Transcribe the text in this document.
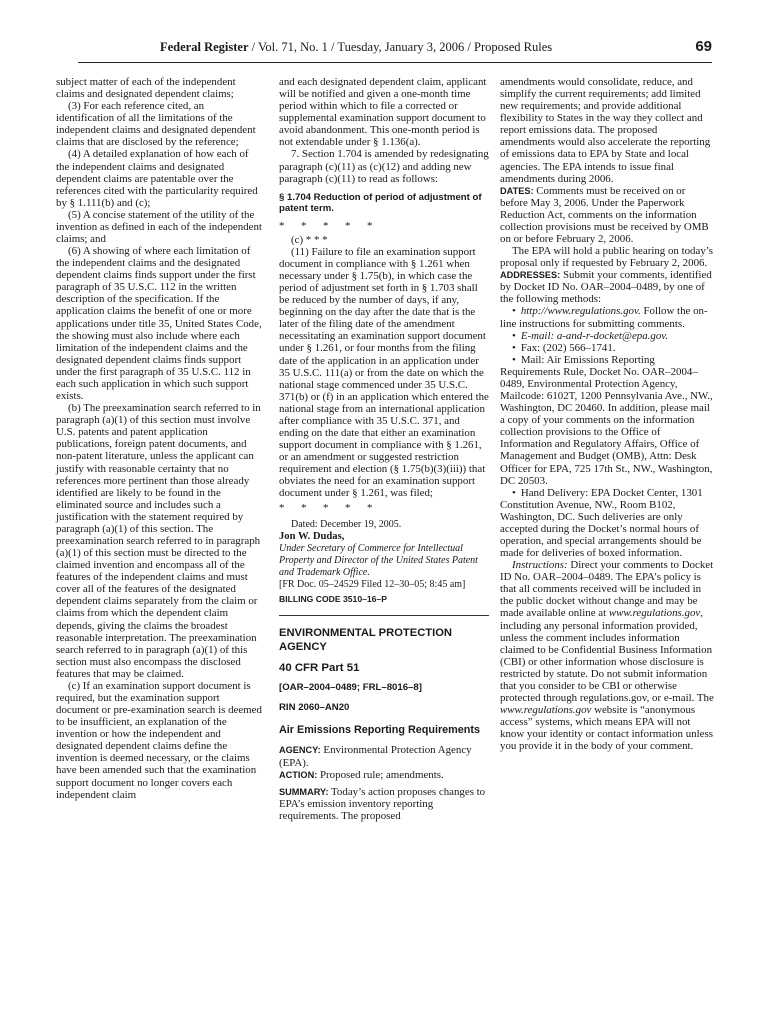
Federal Register / Vol. 71, No. 1 / Tuesday, January 3, 2006 / Proposed Rules	69

subject matter of each of the independent claims and designated dependent claims;

(3) For each reference cited, an identification of all the limitations of the independent claims and designated dependent claims that are disclosed by the reference;

(4) A detailed explanation of how each of the independent claims and designated dependent claims are patentable over the references cited with the particularity required by § 1.111(b) and (c);

(5) A concise statement of the utility of the invention as defined in each of the independent claims; and

(6) A showing of where each limitation of the independent claims and the designated dependent claims finds support under the first paragraph of 35 U.S.C. 112 in the written description of the specification. If the application claims the benefit of one or more applications under title 35, United States Code, the showing must also include where each limitation of the independent claims and the designated dependent claims finds support under the first paragraph of 35 U.S.C. 112 in each such application in which such support exists.

(b) The preexamination search referred to in paragraph (a)(1) of this section must involve U.S. patents and patent application publications, foreign patent documents, and non-patent literature, unless the applicant can justify with reasonable certainty that no references more pertinent than those already identified are likely to be found in the eliminated source and includes such a justification with the statement required by paragraph (a)(1) of this section. The preexamination search referred to in paragraph (a)(1) of this section must be directed to the claimed invention and encompass all of the features of the independent claims and must cover all of the features of the designated dependent claims separately from the claim or claims from which the dependent claim depends, giving the claims the broadest reasonable interpretation. The preexamination search referred to in paragraph (a)(1) of this section must also encompass the disclosed features that may be claimed.

(c) If an examination support document is required, but the examination support document or pre-examination search is deemed to be insufficient, an explanation of the invention or how the independent and designated dependent claims define the invention is deemed necessary, or the claims have been amended such that the examination support document no longer covers each independent claim

and each designated dependent claim, applicant will be notified and given a one-month time period within which to file a corrected or supplemental examination support document to avoid abandonment. This one-month period is not extendable under § 1.136(a).

7. Section 1.704 is amended by redesignating paragraph (c)(11) as (c)(12) and adding new paragraph (c)(11) to read as follows:

§ 1.704 Reduction of period of adjustment of patent term.

* * * * *

(c) * * *

(11) Failure to file an examination support document in compliance with § 1.261 when necessary under § 1.75(b), in which case the period of adjustment set forth in § 1.703 shall be reduced by the number of days, if any, beginning on the day after the date that is the later of the filing date of the amendment necessitating an examination support document under § 1.261, or four months from the filing date of the application in an application under 35 U.S.C. 111(a) or from the date on which the national stage commenced under 35 U.S.C. 371(b) or (f) in an application which entered the national stage from an international application after compliance with 35 U.S.C. 371, and ending on the date that either an examination support document in compliance with § 1.261, or an amendment or suggested restriction requirement and election (§ 1.75(b)(3)(iii)) that obviates the need for an examination support document under § 1.261, was filed;

* * * * *

Dated: December 19, 2005.

Jon W. Dudas,

Under Secretary of Commerce for Intellectual Property and Director of the United States Patent and Trademark Office.

[FR Doc. 05–24529 Filed 12–30–05; 8:45 am]

BILLING CODE 3510–16–P

ENVIRONMENTAL PROTECTION AGENCY

40 CFR Part 51

[OAR–2004–0489; FRL–8016–8]

RIN 2060–AN20

Air Emissions Reporting Requirements

AGENCY: Environmental Protection Agency (EPA).

ACTION: Proposed rule; amendments.

SUMMARY: Today’s action proposes changes to EPA’s emission inventory reporting requirements. The proposed

amendments would consolidate, reduce, and simplify the current requirements; add limited new requirements; and provide additional flexibility to States in the way they collect and report emissions data. The proposed amendments would also accelerate the reporting of emissions data to EPA by State and local agencies. The EPA intends to issue final amendments during 2006.

DATES: Comments must be received on or before May 3, 2006. Under the Paperwork Reduction Act, comments on the information collection provisions must be received by OMB on or before February 2, 2006.

The EPA will hold a public hearing on today’s proposal only if requested by February 2, 2006.

ADDRESSES: Submit your comments, identified by Docket ID No. OAR–2004–0489, by one of the following methods:

• http://www.regulations.gov. Follow the on-line instructions for submitting comments.

• E-mail: a-and-r-docket@epa.gov.

• Fax: (202) 566–1741.

• Mail: Air Emissions Reporting Requirements Rule, Docket No. OAR–2004–0489, Environmental Protection Agency, Mailcode: 6102T, 1200 Pennsylvania Ave., NW., Washington, DC 20460. In addition, please mail a copy of your comments on the information collection provisions to the Office of Information and Regulatory Affairs, Office of Management and Budget (OMB), Attn: Desk Officer for EPA, 725 17th St., NW., Washington, DC 20503.

• Hand Delivery: EPA Docket Center, 1301 Constitution Avenue, NW., Room B102, Washington, DC. Such deliveries are only accepted during the Docket’s normal hours of operation, and special arrangements should be made for deliveries of boxed information.

Instructions: Direct your comments to Docket ID No. OAR–2004–0489. The EPA’s policy is that all comments received will be included in the public docket without change and may be made available online at www.regulations.gov, including any personal information provided, unless the comment includes information claimed to be Confidential Business Information (CBI) or other information whose disclosure is restricted by statute. Do not submit information that you consider to be CBI or otherwise protected through regulations.gov, or e-mail. The www.regulations.gov website is “anonymous access” systems, which means EPA will not know your identity or contact information unless you provide it in the body of your comment.
